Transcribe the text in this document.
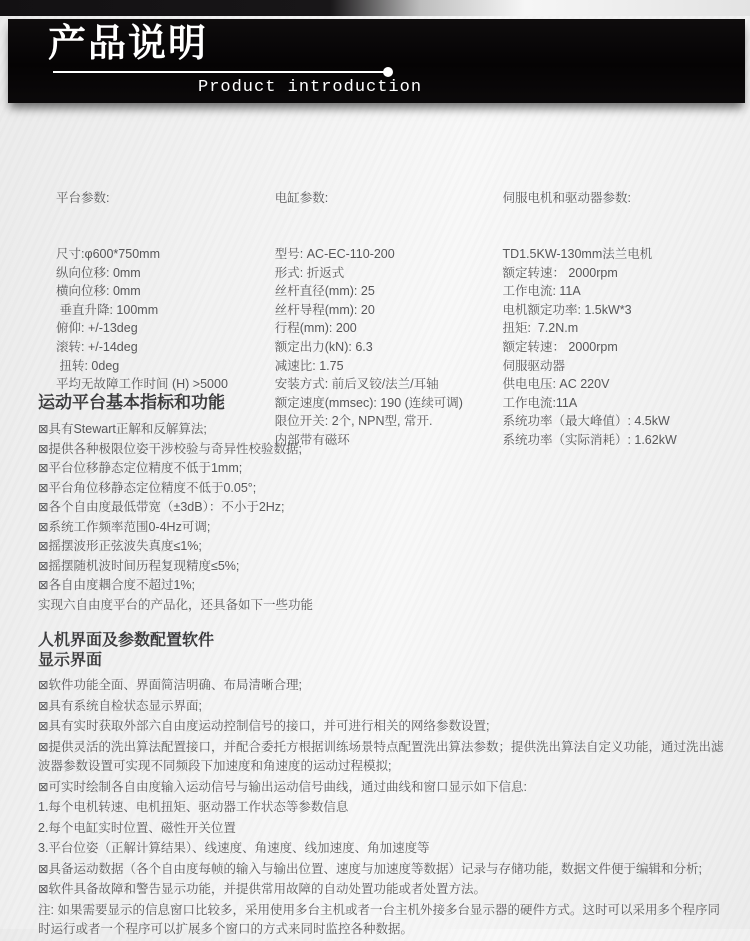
产品说明
Product introduction

平台参数:

尺寸:φ600*750mm
纵向位移: 0mm
横向位移: 0mm
垂直升降: 100mm
俯仰: +/-13deg
滚转: +/-14deg
扭转: 0deg
平均无故障工作时间 (H) >5000

电缸参数:

型号: AC-EC-110-200
形式: 折返式
丝杆直径(mm): 25
丝杆导程(mm): 20
行程(mm): 200
额定出力(kN): 6.3
减速比: 1.75
安装方式: 前后叉铰/法兰/耳轴
额定速度(mmsec): 190 (连续可调)
限位开关: 2个, NPN型, 常开.
内部带有磁环

伺服电机和驱动器参数:

TD1.5KW-130mm法兰电机
额定转速： 2000rpm
工作电流: 11A
电机额定功率: 1.5kW*3
扭矩:  7.2N.m
额定转速： 2000rpm
伺服驱动器
供电电压: AC 220V
工作电流:11A
系统功率（最大峰值）: 4.5kW
系统功率（实际消耗）: 1.62kW

运动平台基本指标和功能
⊠具有Stewart正解和反解算法;
⊠提供各种极限位姿干涉校验与奇异性校验数据;
⊠平台位移静态定位精度不低于1mm;
⊠平台角位移静态定位精度不低于0.05°;
⊠各个自由度最低带宽（±3dB）：不小于2Hz;
⊠系统工作频率范围0-4Hz可调;
⊠摇摆波形正弦波失真度≤1%;
⊠摇摆随机波时间历程复现精度≤5%;
⊠各自由度耦合度不超过1%;
实现六自由度平台的产品化，还具备如下一些功能
人机界面及参数配置软件
显示界面
⊠软件功能全面、界面简洁明确、布局清晰合理;
⊠具有系统自检状态显示界面;
⊠具有实时获取外部六自由度运动控制信号的接口，并可进行相关的网络参数设置;
⊠提供灵活的洗出算法配置接口，并配合委托方根据训练场景特点配置洗出算法参数；提供洗出算法自定义功能，通过洗出滤波器参数设置可实现不同频段下加速度和角速度的运动过程模拟;
⊠可实时绘制各自由度输入运动信号与输出运动信号曲线，通过曲线和窗口显示如下信息:
1.每个电机转速、电机扭矩、驱动器工作状态等参数信息
2.每个电缸实时位置、磁性开关位置
3.平台位姿（正解计算结果）、线速度、角速度、线加速度、角加速度等
⊠具备运动数据（各个自由度每帧的输入与输出位置、速度与加速度等数据）记录与存储功能，数据文件便于编辑和分析;
⊠软件具备故障和警告显示功能，并提供常用故障的自动处置功能或者处置方法。
注: 如果需要显示的信息窗口比较多，采用使用多台主机或者一台主机外接多台显示器的硬件方式。这时可以采用多个程序同时运行或者一个程序可以扩展多个窗口的方式来同时监控各种数据。
